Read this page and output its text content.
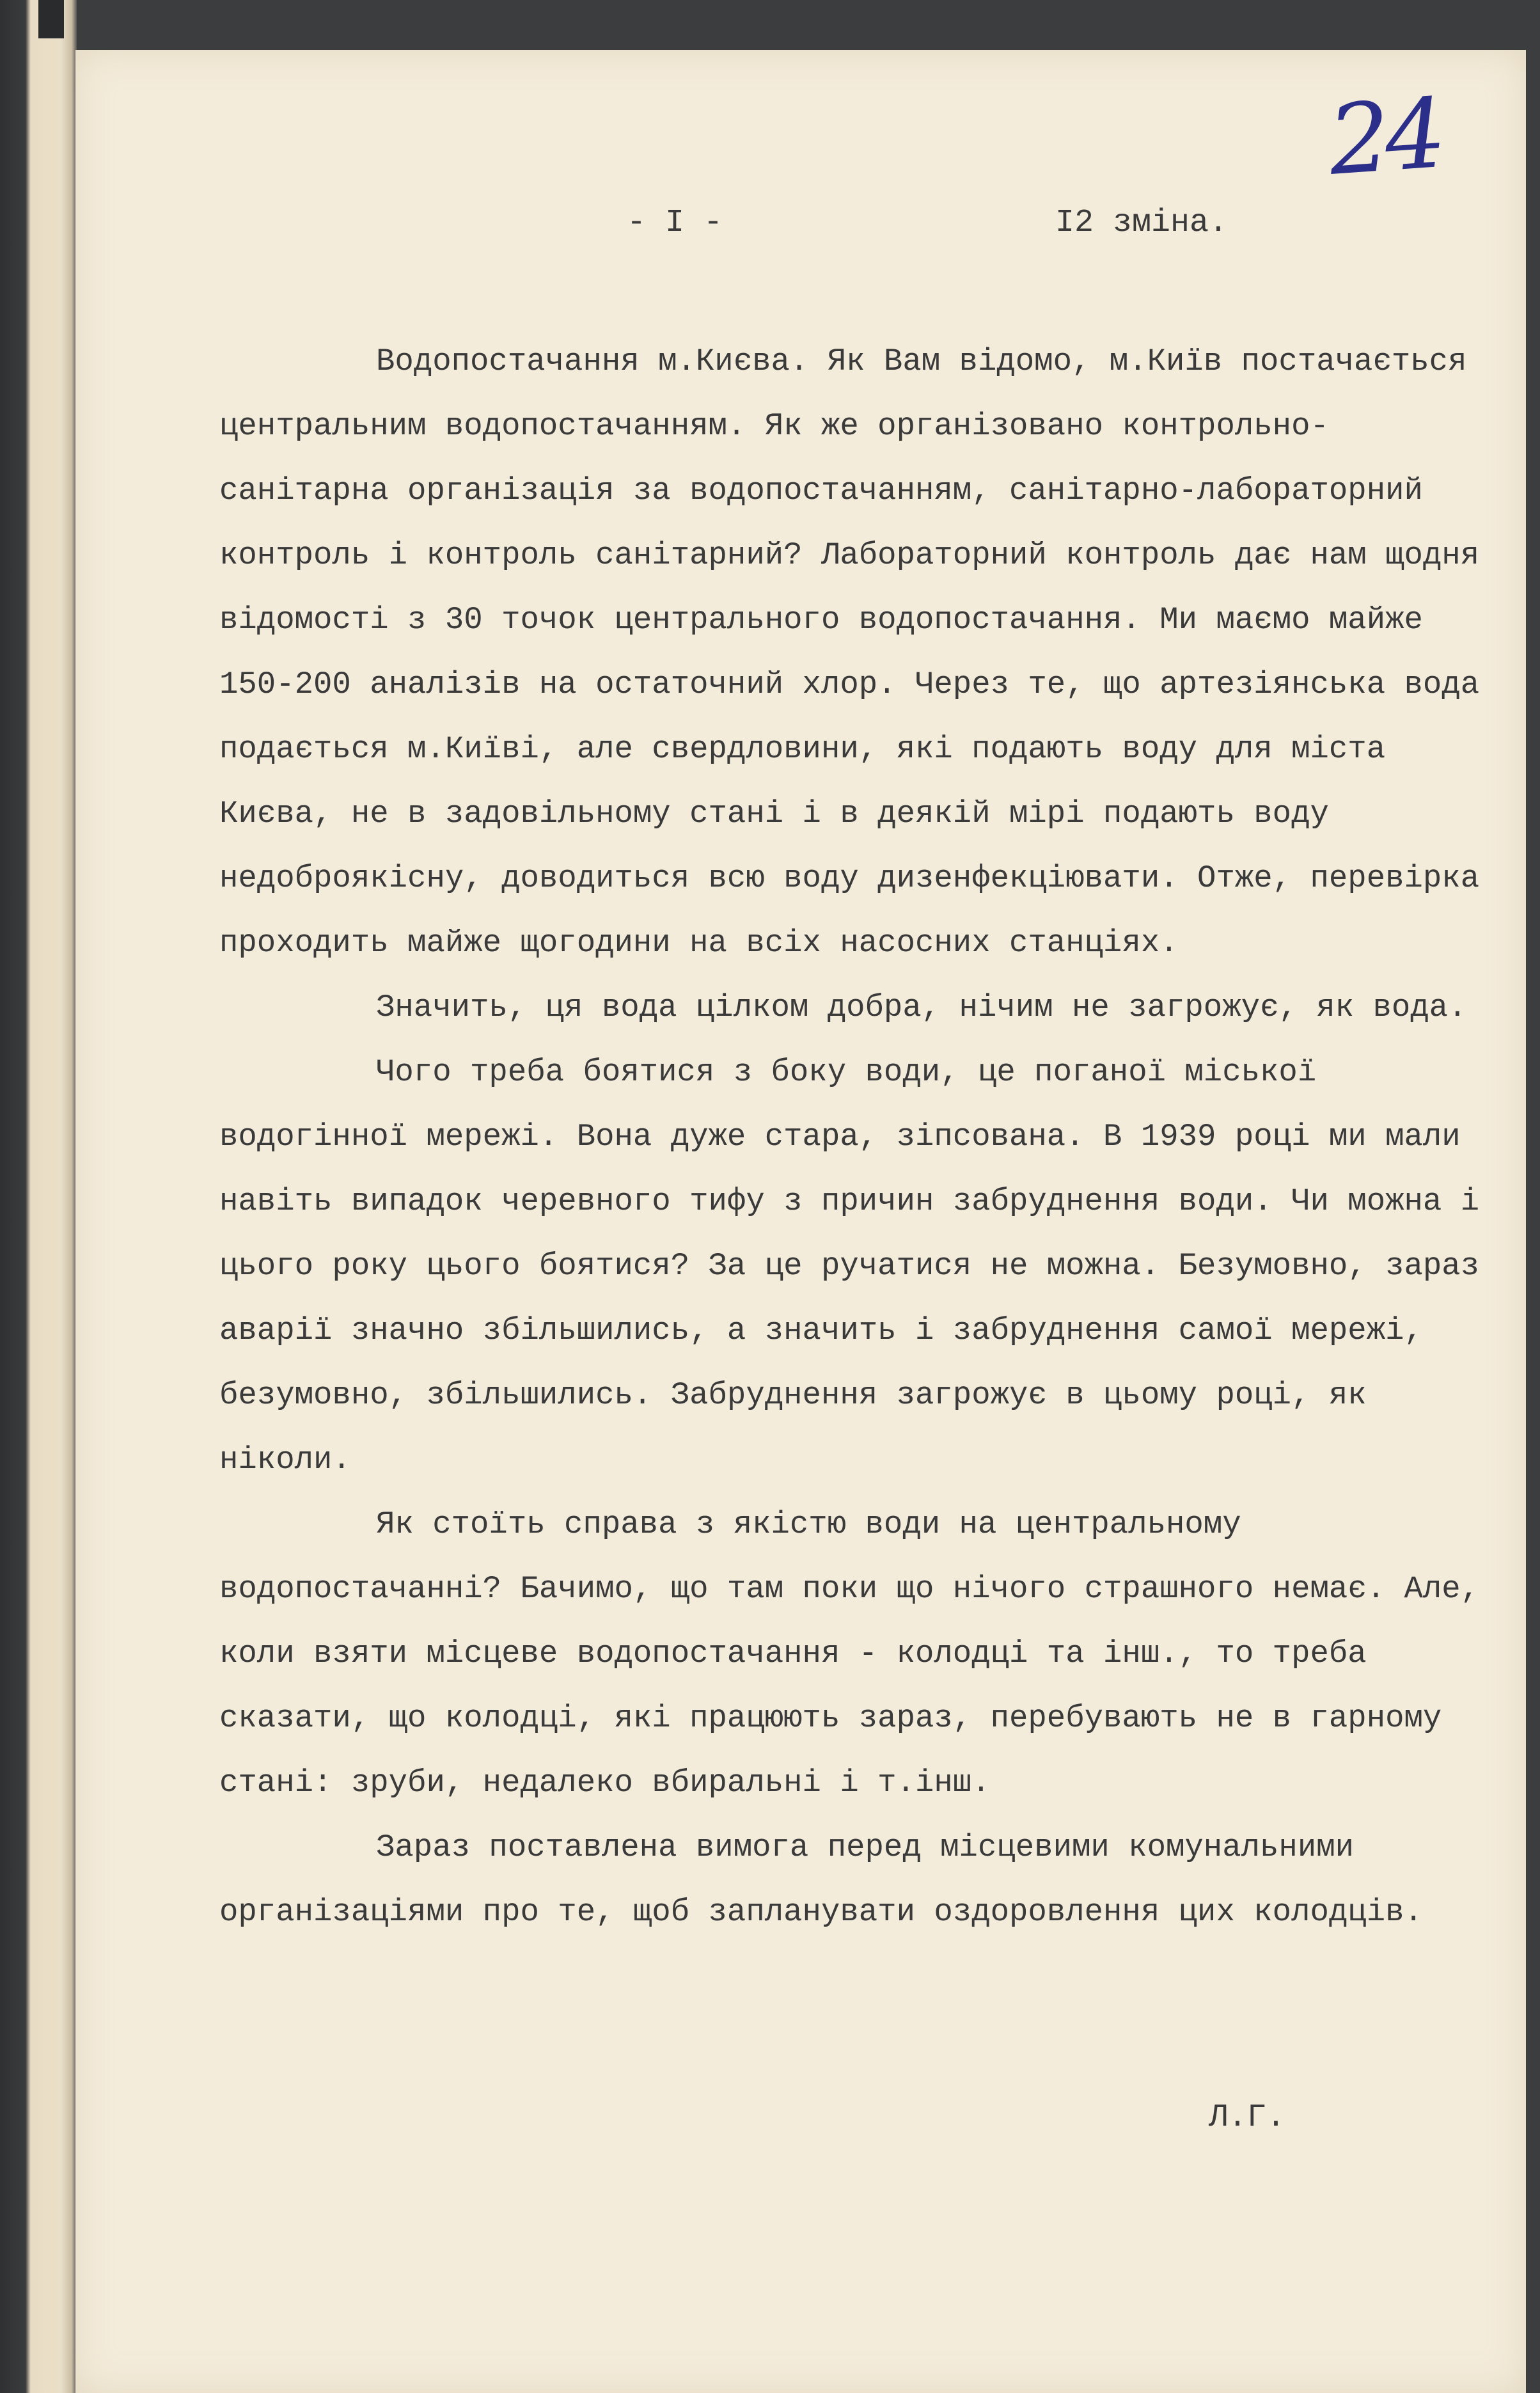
24
- I -	I2 зміна.

Водопостачання м.Києва. Як Вам відомо, м.Київ постачається центральним водопостачанням. Як же організовано контрольно-санітарна організація за водопостачанням, санітарно-лабораторний контроль і контроль санітарний? Лабораторний контроль дає нам щодня відомості з 30 точок центрального водопостачання. Ми маємо майже 150-200 аналізів на остаточний хлор. Через те, що артезіянська вода подається м.Київі, але свердловини, які подають воду для міста Києва, не в задовільному стані і в деякій мірі подають воду недоброякісну, доводиться всю воду дизенфекціювати. Отже, перевірка проходить майже щогодини на всіх насосних станціях.

Значить, ця вода цілком добра, нічим не загрожує, як вода.

Чого треба боятися з боку води, це поганої міської водогінної мережі. Вона дуже стара, зіпсована. В 1939 році ми мали навіть випадок черевного тифу з причин забруднення води. Чи можна і цього року цього боятися? За це ручатися не можна. Безумовно, зараз аварії значно збільшились, а значить і забруднення самої мережі, безумовно, збільшились. Забруднення загрожує в цьому році, як ніколи.

Як стоїть справа з якістю води на центральному водопостачанні? Бачимо, що там поки що нічого страшного немає. Але, коли взяти місцеве водопостачання - колодці та інш., то треба сказати, що колодці, які працюють зараз, перебувають не в гарному стані: зруби, недалеко вбиральні і т.інш.

Зараз поставлена вимога перед місцевими комунальними організаціями про те, щоб запланувати оздоровлення цих колодців.

Л.Г.
